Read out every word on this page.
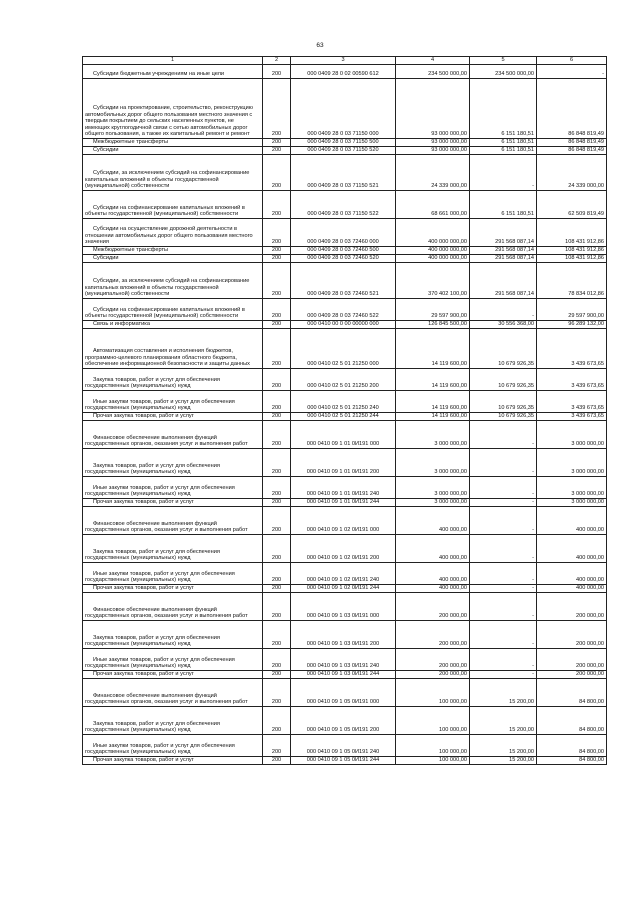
63
1	2	3	4	5	6
Субсидии бюджетным учреждениям на иные цели	200	000 0409 28 0 02 00590 612	234 500 000,00	234 500 000,00	-
Субсидии на проектирование, строительство, реконструкцию автомобильных дорог общего пользования местного значения с твердым покрытием до сельских населенных пунктов, не имеющих круглогодичной связи с сетью автомобильных дорог общего пользования, а также их капитальный ремонт и ремонт	200	000 0409 28 0 03 71150 000	93 000 000,00	6 151 180,51	86 848 819,49
Межбюджетные трансферты	200	000 0409 28 0 03 71150 500	93 000 000,00	6 151 180,51	86 848 819,49
Субсидии	200	000 0409 28 0 03 71150 520	93 000 000,00	6 151 180,51	86 848 819,49
Субсидии, за исключением субсидий на софинансирование капитальных вложений в объекты государственной (муниципальной) собственности	200	000 0409 28 0 03 71150 521	24 339 000,00	-	24 339 000,00
Субсидии на софинансирование капитальных вложений в объекты государственной (муниципальной) собственности	200	000 0409 28 0 03 71150 522	68 661 000,00	6 151 180,51	62 509 819,49
Субсидии на осуществление дорожной деятельности в отношении автомобильных дорог общего пользования местного значения	200	000 0409 28 0 03 72460 000	400 000 000,00	291 568 087,14	108 431 912,86
Межбюджетные трансферты	200	000 0409 28 0 03 72460 500	400 000 000,00	291 568 087,14	108 431 912,86
Субсидии	200	000 0409 28 0 03 72460 520	400 000 000,00	291 568 087,14	108 431 912,86
Субсидии, за исключением субсидий на софинансирование капитальных вложений в объекты государственной (муниципальной) собственности	200	000 0409 28 0 03 72460 521	370 402 100,00	291 568 087,14	78 834 012,86
Субсидии на софинансирование капитальных вложений в объекты государственной (муниципальной) собственности	200	000 0409 28 0 03 72460 522	29 597 900,00	-	29 597 900,00
Связь и информатика	200	000 0410 00 0 00 00000 000	126 845 500,00	30 556 368,00	96 289 132,00
Автоматизация составления и исполнения бюджетов, программно-целевого планирования областного бюджета, обеспечение информационной безопасности и защиты данных	200	000 0410 02 5 01 21250 000	14 119 600,00	10 679 926,35	3 439 673,65
Закупка товаров, работ и услуг для обеспечения государственных (муниципальных) нужд	200	000 0410 02 5 01 21250 200	14 119 600,00	10 679 926,35	3 439 673,65
Иные закупки товаров, работ и услуг для обеспечения государственных (муниципальных) нужд	200	000 0410 02 5 01 21250 240	14 119 600,00	10 679 926,35	3 439 673,65
Прочая закупка товаров, работ и услуг	200	000 0410 02 5 01 21250 244	14 119 600,00	10 679 926,35	3 439 673,65
Финансовое обеспечение выполнения функций государственных органов, оказания услуг и выполнения работ	200	000 0410 09 1 01 0И191 000	3 000 000,00	-	3 000 000,00
Закупка товаров, работ и услуг для обеспечения государственных (муниципальных) нужд	200	000 0410 09 1 01 0И191 200	3 000 000,00	-	3 000 000,00
Иные закупки товаров, работ и услуг для обеспечения государственных (муниципальных) нужд	200	000 0410 09 1 01 0И191 240	3 000 000,00	-	3 000 000,00
Прочая закупка товаров, работ и услуг	200	000 0410 09 1 01 0И191 244	3 000 000,00	-	3 000 000,00
Финансовое обеспечение выполнения функций государственных органов, оказания услуг и выполнения работ	200	000 0410 09 1 02 0И191 000	400 000,00	-	400 000,00
Закупка товаров, работ и услуг для обеспечения государственных (муниципальных) нужд	200	000 0410 09 1 02 0И191 200	400 000,00	-	400 000,00
Иные закупки товаров, работ и услуг для обеспечения государственных (муниципальных) нужд	200	000 0410 09 1 02 0И191 240	400 000,00	-	400 000,00
Прочая закупка товаров, работ и услуг	200	000 0410 09 1 02 0И191 244	400 000,00	-	400 000,00
Финансовое обеспечение выполнения функций государственных органов, оказания услуг и выполнения работ	200	000 0410 09 1 03 0И191 000	200 000,00	-	200 000,00
Закупка товаров, работ и услуг для обеспечения государственных (муниципальных) нужд	200	000 0410 09 1 03 0И191 200	200 000,00	-	200 000,00
Иные закупки товаров, работ и услуг для обеспечения государственных (муниципальных) нужд	200	000 0410 09 1 03 0И191 240	200 000,00	-	200 000,00
Прочая закупка товаров, работ и услуг	200	000 0410 09 1 03 0И191 244	200 000,00	-	200 000,00
Финансовое обеспечение выполнения функций государственных органов, оказания услуг и выполнения работ	200	000 0410 09 1 05 0И191 000	100 000,00	15 200,00	84 800,00
Закупка товаров, работ и услуг для обеспечения государственных (муниципальных) нужд	200	000 0410 09 1 05 0И191 200	100 000,00	15 200,00	84 800,00
Иные закупки товаров, работ и услуг для обеспечения государственных (муниципальных) нужд	200	000 0410 09 1 05 0И191 240	100 000,00	15 200,00	84 800,00
Прочая закупка товаров, работ и услуг	200	000 0410 09 1 05 0И191 244	100 000,00	15 200,00	84 800,00
